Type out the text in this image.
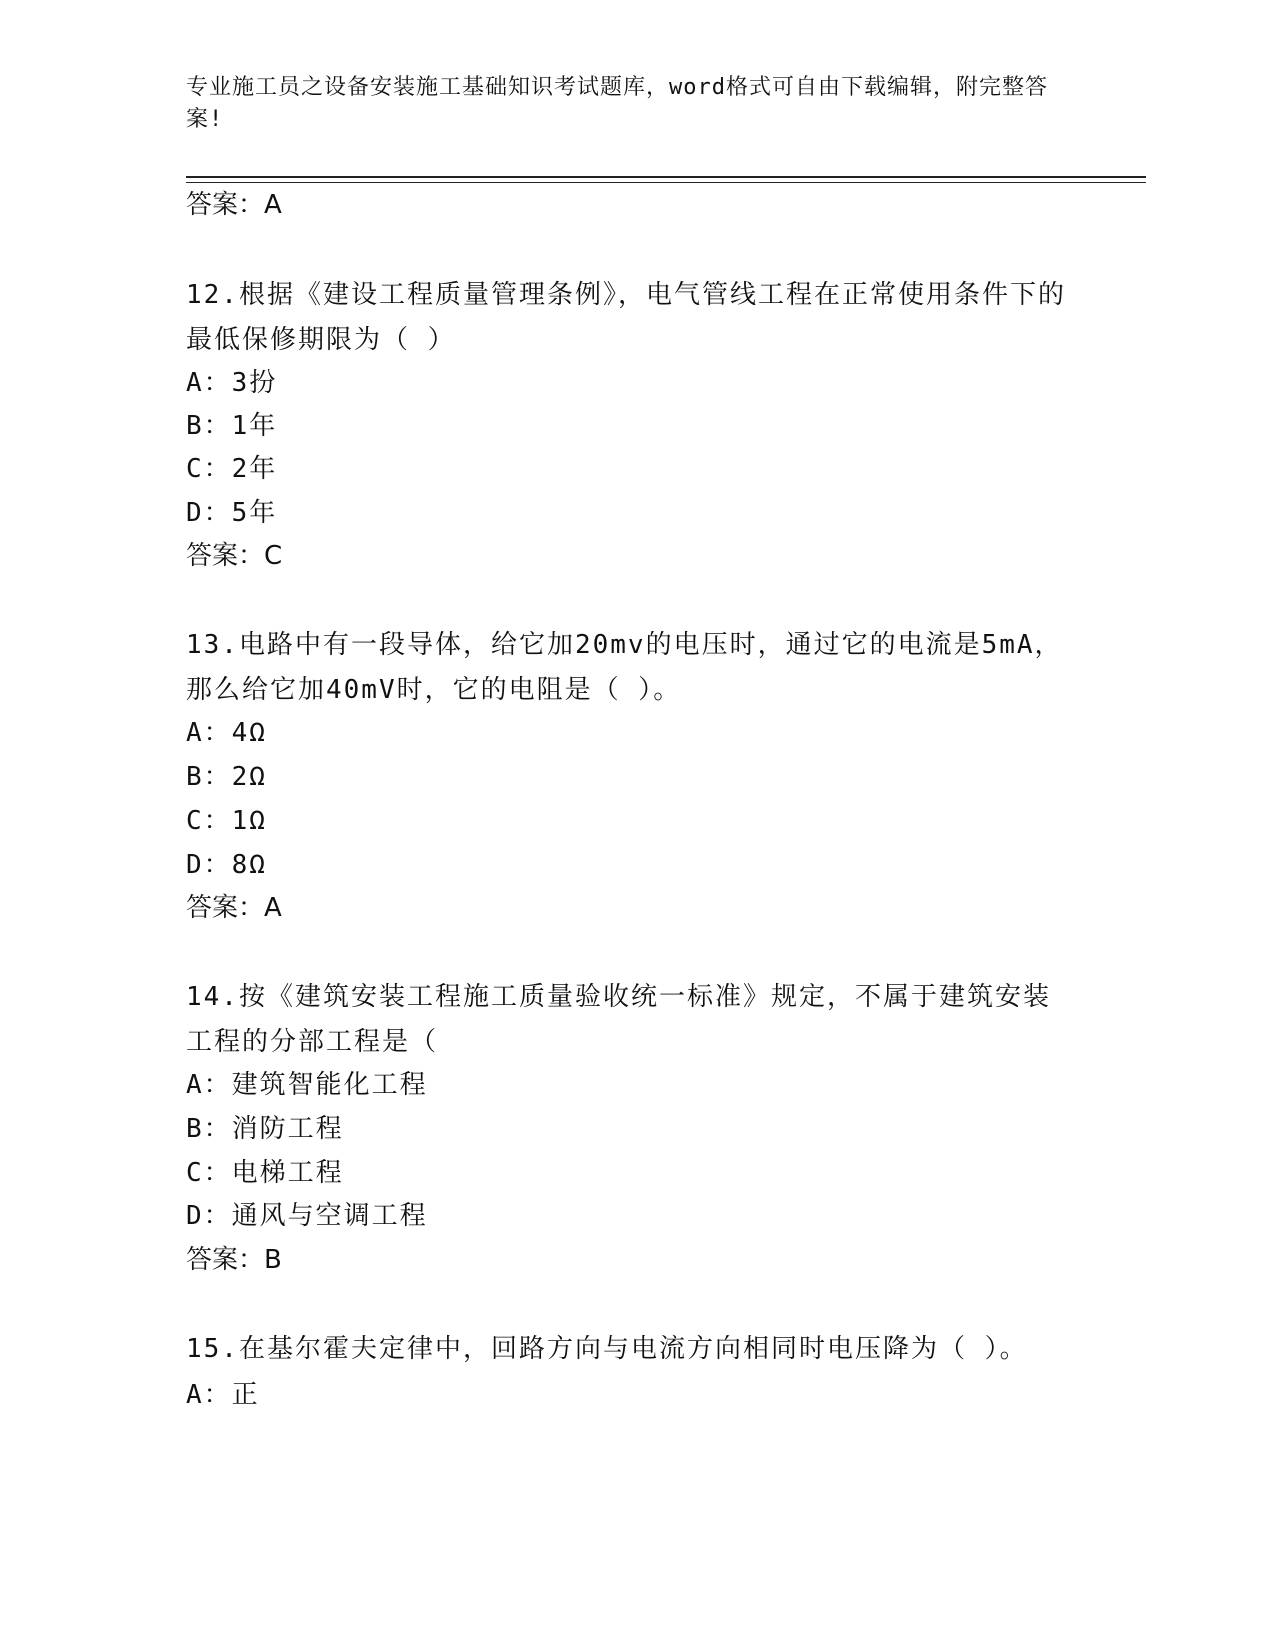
专业施工员之设备安装施工基础知识考试题库，word格式可自由下载编辑，附完整答案!
答案：A
12.根据《建设工程质量管理条例》，电气管线工程在正常使用条件下的最低保修期限为（ ）
A：3扮
B：1年
C：2年
D：5年
答案：C
13.电路中有一段导体，给它加20mv的电压时，通过它的电流是5mA，那么给它加40mV时，它的电阻是（ ）。
A：4Ω
B：2Ω
C：1Ω
D：8Ω
答案：A
14.按《建筑安装工程施工质量验收统一标准》规定，不属于建筑安装工程的分部工程是（
A：建筑智能化工程
B：消防工程
C：电梯工程
D：通风与空调工程
答案：B
15.在基尔霍夫定律中，回路方向与电流方向相同时电压降为（ ）。
A：正
